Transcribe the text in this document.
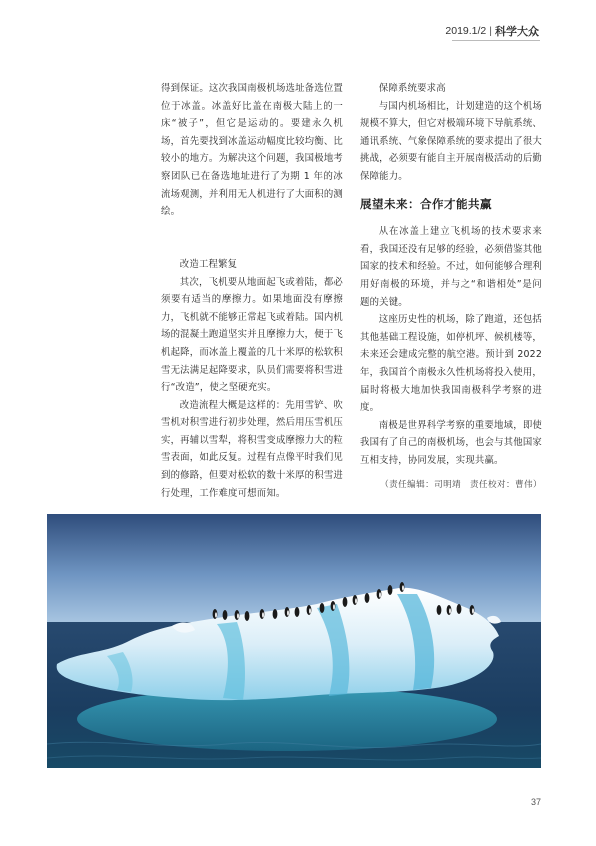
2019.1/2 | 科学大众

得到保证。这次我国南极机场选址备选位置位于冰盖。冰盖好比盖在南极大陆上的一床“被子”，但它是运动的。要建永久机场，首先要找到冰盖运动幅度比较均衡、比较小的地方。为解决这个问题，我国极地考察团队已在备选地址进行了为期 1 年的冰流场观测，并利用无人机进行了大面积的测绘。

改造工程繁复

其次，飞机要从地面起飞或着陆，都必须要有适当的摩擦力。如果地面没有摩擦力，飞机就不能够正常起飞或着陆。国内机场的混凝土跑道坚实并且摩擦力大，便于飞机起降，而冰盖上覆盖的几十米厚的松软积雪无法满足起降要求，队员们需要将积雪进行“改造”，使之坚硬充实。

改造流程大概是这样的：先用雪铲、吹雪机对积雪进行初步处理，然后用压雪机压实，再辅以雪犁，将积雪变成摩擦力大的粒雪表面，如此反复。过程有点像平时我们见到的修路，但要对松软的数十米厚的积雪进行处理，工作难度可想而知。

保障系统要求高

与国内机场相比，计划建造的这个机场规模不算大，但它对极端环境下导航系统、通讯系统、气象保障系统的要求提出了很大挑战，必须要有能自主开展南极活动的后勤保障能力。

展望未来：合作才能共赢

从在冰盖上建立飞机场的技术要求来看，我国还没有足够的经验，必须借鉴其他国家的技术和经验。不过，如何能够合理利用好南极的环境，并与之“和谐相处”是问题的关键。

这座历史性的机场，除了跑道，还包括其他基础工程设施，如停机坪、候机楼等，未来还会建成完整的航空港。预计到 2022 年，我国首个南极永久性机场将投入使用，届时将极大地加快我国南极科学考察的进度。

南极是世界科学考察的重要地域，即使我国有了自己的南极机场，也会与其他国家互相支持，协同发展，实现共赢。

（责任编辑：司明靖　责任校对：曹伟）
37
